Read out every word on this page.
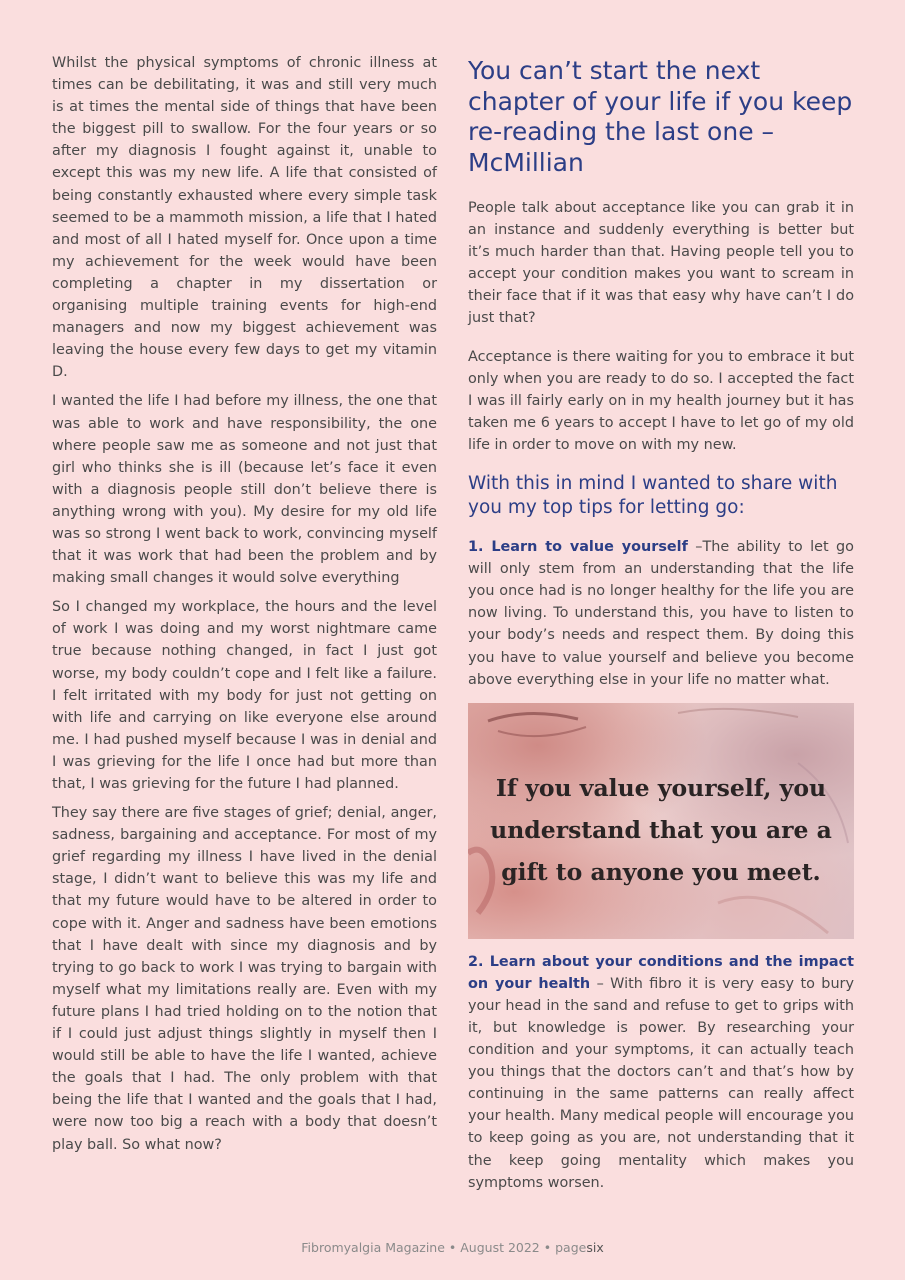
Whilst the physical symptoms of chronic illness at times can be debilitating, it was and still very much is at times the mental side of things that have been the biggest pill to swallow. For the four years or so after my diagnosis I fought against it, unable to except this was my new life. A life that consisted of being constantly exhausted where every simple task seemed to be a mammoth mission, a life that I hated and most of all I hated myself for. Once upon a time my achievement for the week would have been completing a chapter in my dissertation or organising multiple training events for high-end managers and now my biggest achievement was leaving the house every few days to get my vitamin D.

I wanted the life I had before my illness, the one that was able to work and have responsibility, the one where people saw me as someone and not just that girl who thinks she is ill (because let’s face it even with a diagnosis people still don’t believe there is anything wrong with you). My desire for my old life was so strong I went back to work, convincing myself that it was work that had been the problem and by making small changes it would solve everything

So I changed my workplace, the hours and the level of work I was doing and my worst nightmare came true because nothing changed, in fact I just got worse, my body couldn’t cope and I felt like a failure. I felt irritated with my body for just not getting on with life and carrying on like everyone else around me. I had pushed myself because I was in denial and I was grieving for the life I once had but more than that, I was grieving for the future I had planned.

They say there are five stages of grief; denial, anger, sadness, bargaining and acceptance. For most of my grief regarding my illness I have lived in the denial stage, I didn’t want to believe this was my life and that my future would have to be altered in order to cope with it. Anger and sadness have been emotions that I have dealt with since my diagnosis and by trying to go back to work I was trying to bargain with myself what my limitations really are. Even with my future plans I had tried holding on to the notion that if I could just adjust things slightly in myself then I would still be able to have the life I wanted, achieve the goals that I had. The only problem with that being the life that I wanted and the goals that I had, were now too big a reach with a body that doesn’t play ball. So what now?

You can’t start the next chapter of your life if you keep re-reading the last one – McMillian

People talk about acceptance like you can grab it in an instance and suddenly everything is better but it’s much harder than that. Having people tell you to accept your condition makes you want to scream in their face that if it was that easy why have can’t I do just that?

Acceptance is there waiting for you to embrace it but only when you are ready to do so. I accepted the fact I was ill fairly early on in my health journey but it has taken me 6 years to accept I have to let go of my old life in order to move on with my new.

With this in mind I wanted to share with you my top tips for letting go:

1. Learn to value yourself –The ability to let go will only stem from an understanding that the life you once had is no longer healthy for the life you are now living. To understand this, you have to listen to your body’s needs and respect them. By doing this you have to value yourself and believe you become above everything else in your life no matter what.

If you value yourself, you
understand that you are a
gift to anyone you meet.

2. Learn about your conditions and the impact on your health – With fibro it is very easy to bury your head in the sand and refuse to get to grips with it, but knowledge is power. By researching your condition and your symptoms, it can actually teach you things that the doctors can’t and that’s how by continuing in the same patterns can really affect your health. Many medical people will encourage you to keep going as you are, not understanding that it the keep going mentality which makes you symptoms worsen.

Fibromyalgia Magazine • August 2022 • pagesix
